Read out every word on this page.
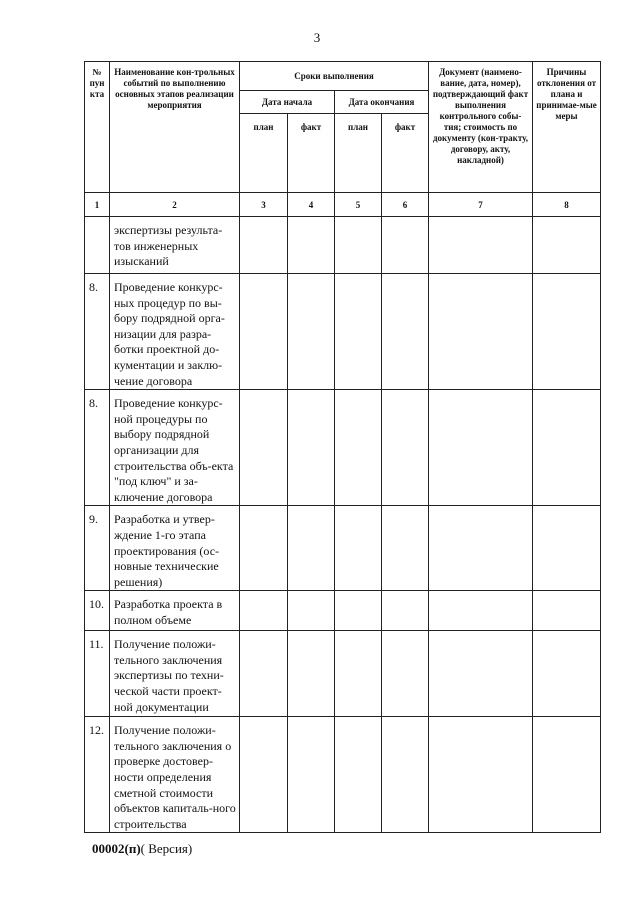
3
№ пун кта	Наименование кон-трольных событий по выполнению основных этапов реализации мероприятия	Сроки выполнения				Документ (наимено-вание, дата, номер), подтверждающий факт выполнения контрольного собы-тия; стоимость по документу (кон-тракту, договору, акту, накладной)	Причины отклонения от плана и принимае-мые меры
		Дата начала		Дата окончания			
		план	факт	план	факт		
1	2	3	4	5	6	7	8
	экспертизы результа-тов инженерных изысканий						
8.	Проведение конкурс-ных процедур по вы-бору подрядной орга-низации для разра-ботки проектной до-кументации и заклю-чение договора						
8.	Проведение конкурс-ной процедуры по выбору подрядной организации для строительства объ-екта "под ключ" и за-ключение договора						
9.	Разработка и утвер-ждение 1-го этапа проектирования (ос-новные технические решения)						
10.	Разработка проекта в полном объеме						
11.	Получение положи-тельного заключения экспертизы по техни-ческой части проект-ной документации						
12.	Получение положи-тельного заключения о проверке достовер-ности определения сметной стоимости объектов капиталь-ного строительства						
00002(п)( Версия)
